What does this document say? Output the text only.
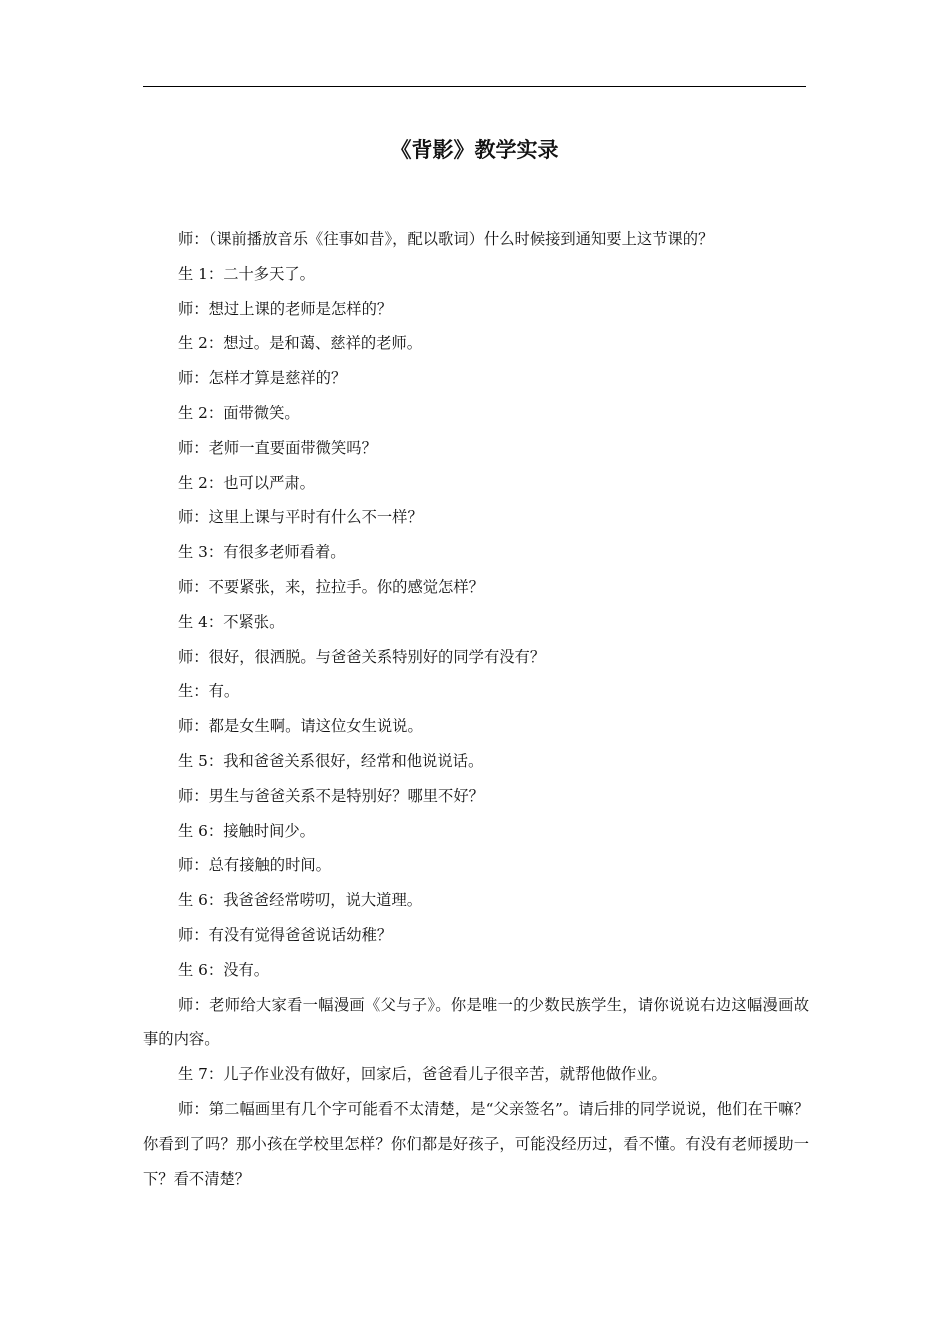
《背影》教学实录

师：（课前播放音乐《往事如昔》，配以歌词）什么时候接到通知要上这节课的？

生 1：二十多天了。

师：想过上课的老师是怎样的？

生 2：想过。是和蔼、慈祥的老师。

师：怎样才算是慈祥的？

生 2：面带微笑。

师：老师一直要面带微笑吗？

生 2：也可以严肃。

师：这里上课与平时有什么不一样？

生 3：有很多老师看着。

师：不要紧张，来，拉拉手。你的感觉怎样？

生 4：不紧张。

师：很好，很洒脱。与爸爸关系特别好的同学有没有？

生：有。

师：都是女生啊。请这位女生说说。

生 5：我和爸爸关系很好，经常和他说说话。

师：男生与爸爸关系不是特别好？哪里不好？

生 6：接触时间少。

师：总有接触的时间。

生 6：我爸爸经常唠叨，说大道理。

师：有没有觉得爸爸说话幼稚？

生 6：没有。

师：老师给大家看一幅漫画《父与子》。你是唯一的少数民族学生，请你说说右边这幅漫画故事的内容。

生 7：儿子作业没有做好，回家后，爸爸看儿子很辛苦，就帮他做作业。

师：第二幅画里有几个字可能看不太清楚，是“父亲签名”。请后排的同学说说，他们在干嘛？你看到了吗？那小孩在学校里怎样？你们都是好孩子，可能没经历过，看不懂。有没有老师援助一下？看不清楚？
